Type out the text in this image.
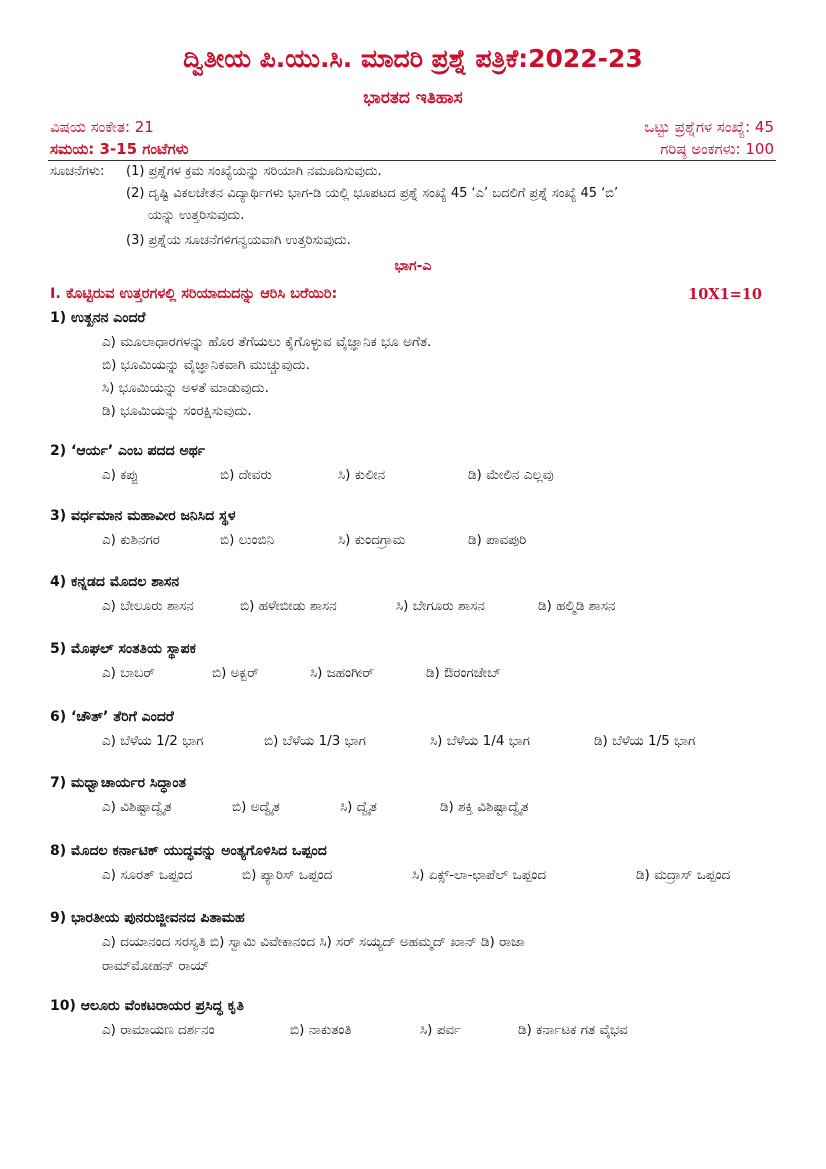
ದ್ವಿತೀಯ ಪಿ.ಯು.ಸಿ. ಮಾದರಿ ಪ್ರಶ್ನೆ ಪತ್ರಿಕೆ:2022-23
ಭಾರತದ ಇತಿಹಾಸ
ವಿಷಯ ಸಂಕೇತ: 21	ಒಟ್ಟು ಪ್ರಶ್ನೆಗಳ ಸಂಖ್ಯೆ: 45
ಸಮಯ: 3-15 ಗಂಟೆಗಳು	ಗರಿಷ್ಠ ಅಂಕಗಳು: 100
ಸೂಚನೆಗಳು: (1) ಪ್ರಶ್ನೆಗಳ ಕ್ರಮ ಸಂಖ್ಯೆಯನ್ನು ಸರಿಯಾಗಿ ನಮೂದಿಸುವುದು.
(2) ದೃಷ್ಟಿ ವಿಕಲಚೇತನ ವಿದ್ಯಾರ್ಥಿಗಳು ಭಾಗ-ಡಿ ಯಲ್ಲಿ ಭೂಪಟದ ಪ್ರಶ್ನೆ ಸಂಖ್ಯೆ 45 ‘ಎ’ ಬದಲಿಗೆ ಪ್ರಶ್ನೆ ಸಂಖ್ಯೆ 45 ‘ಬಿ’
ಯನ್ನು ಉತ್ತರಿಸುವುದು.
(3) ಪ್ರಶ್ನೆಯ ಸೂಚನೆಗಳಿಗನ್ವಯವಾಗಿ ಉತ್ತರಿಸುವುದು.
ಭಾಗ-ಎ
I. ಕೊಟ್ಟಿರುವ ಉತ್ತರಗಳಲ್ಲಿ ಸರಿಯಾದುದನ್ನು ಆರಿಸಿ ಬರೆಯಿರಿ:	10X1=10
1) ಉತ್ಖನನ ಎಂದರೆ
ಎ) ಮೂಲಾಧಾರಗಳನ್ನು ಹೊರ ತೆಗೆಯಲು ಕೈಗೊಳ್ಳುವ ವೈಜ್ಞಾನಿಕ ಭೂ ಅಗೆತ.
ಬಿ) ಭೂಮಿಯನ್ನು ವೈಜ್ಞಾನಿಕವಾಗಿ ಮುಚ್ಚುವುದು.
ಸಿ) ಭೂಮಿಯನ್ನು ಅಳತೆ ಮಾಡುವುದು.
ಡಿ) ಭೂಮಿಯನ್ನು ಸಂರಕ್ಷಿಸುವುದು.
2) ‘ಆರ್ಯ’ ಎಂಬ ಪದದ ಅರ್ಥ
ಎ) ಕಪ್ಪು	ಬಿ) ದೇವರು	ಸಿ) ಕುಲೀನ	ಡಿ) ಮೇಲಿನ ಎಲ್ಲವು
3) ವರ್ಧಮಾನ ಮಹಾವೀರ ಜನಿಸಿದ ಸ್ಥಳ
ಎ) ಕುಶಿನಗರ	ಬಿ) ಲುಂಬಿನಿ	ಸಿ) ಕುಂದಗ್ರಾಮ	ಡಿ) ಪಾವಪುರಿ
4) ಕನ್ನಡದ ಮೊದಲ ಶಾಸನ
ಎ) ಬೇಲೂರು ಶಾಸನ	ಬಿ) ಹಳೇಬೀಡು ಶಾಸನ	ಸಿ) ಬೇಗೂರು ಶಾಸನ	ಡಿ) ಹಲ್ಮಿಡಿ ಶಾಸನ
5) ಮೊಘಲ್ ಸಂತತಿಯ ಸ್ಥಾಪಕ
ಎ) ಬಾಬರ್	ಬಿ) ಅಕ್ಬರ್	ಸಿ) ಜಹಂಗೀರ್	ಡಿ) ಔರಂಗಜೇಬ್
6) ‘ಚೌತ್’ ತೆರಿಗೆ ಎಂದರೆ
ಎ) ಬೆಳೆಯ 1/2 ಭಾಗ	ಬಿ) ಬೆಳೆಯ 1/3 ಭಾಗ	ಸಿ) ಬೆಳೆಯ 1/4 ಭಾಗ	ಡಿ) ಬೆಳೆಯ 1/5 ಭಾಗ
7) ಮಧ್ವಾಚಾರ್ಯರ ಸಿದ್ಧಾಂತ
ಎ) ವಿಶಿಷ್ಟಾದ್ವೈತ	ಬಿ) ಅದ್ವೈತ	ಸಿ) ದ್ವೈತ	ಡಿ) ಶಕ್ತಿ ವಿಶಿಷ್ಟಾದ್ವೈತ
8) ಮೊದಲ ಕರ್ನಾಟಿಕ್ ಯುದ್ಧವನ್ನು ಅಂತ್ಯಗೊಳಿಸಿದ ಒಪ್ಪಂದ
ಎ) ಸೂರತ್ ಒಪ್ಪಂದ	ಬಿ) ಪ್ಯಾರಿಸ್ ಒಪ್ಪಂದ	ಸಿ) ಏಕ್ಸ್-ಲಾ-ಛಾಪೆಲ್ ಒಪ್ಪಂದ	ಡಿ) ಮದ್ರಾಸ್ ಒಪ್ಪಂದ
9) ಭಾರತೀಯ ಪುನರುಜ್ಜೀವನದ ಪಿತಾಮಹ
ಎ) ದಯಾನಂದ ಸರಸ್ವತಿ ಬಿ) ಸ್ವಾಮಿ ವಿವೇಕಾನಂದ ಸಿ) ಸರ್ ಸಯ್ಯದ್ ಅಹಮ್ಮದ್ ಖಾನ್ ಡಿ) ರಾಜಾ
ರಾಮ್‌ಮೋಹನ್ ರಾಯ್
10) ಆಲೂರು ವೆಂಕಟರಾಯರ ಪ್ರಸಿದ್ಧ ಕೃತಿ
ಎ) ರಾಮಾಯಣ ದರ್ಶನಂ	ಬಿ) ನಾಕುತಂತಿ	ಸಿ) ಪರ್ವ	ಡಿ) ಕರ್ನಾಟಕ ಗತ ವೈಭವ
